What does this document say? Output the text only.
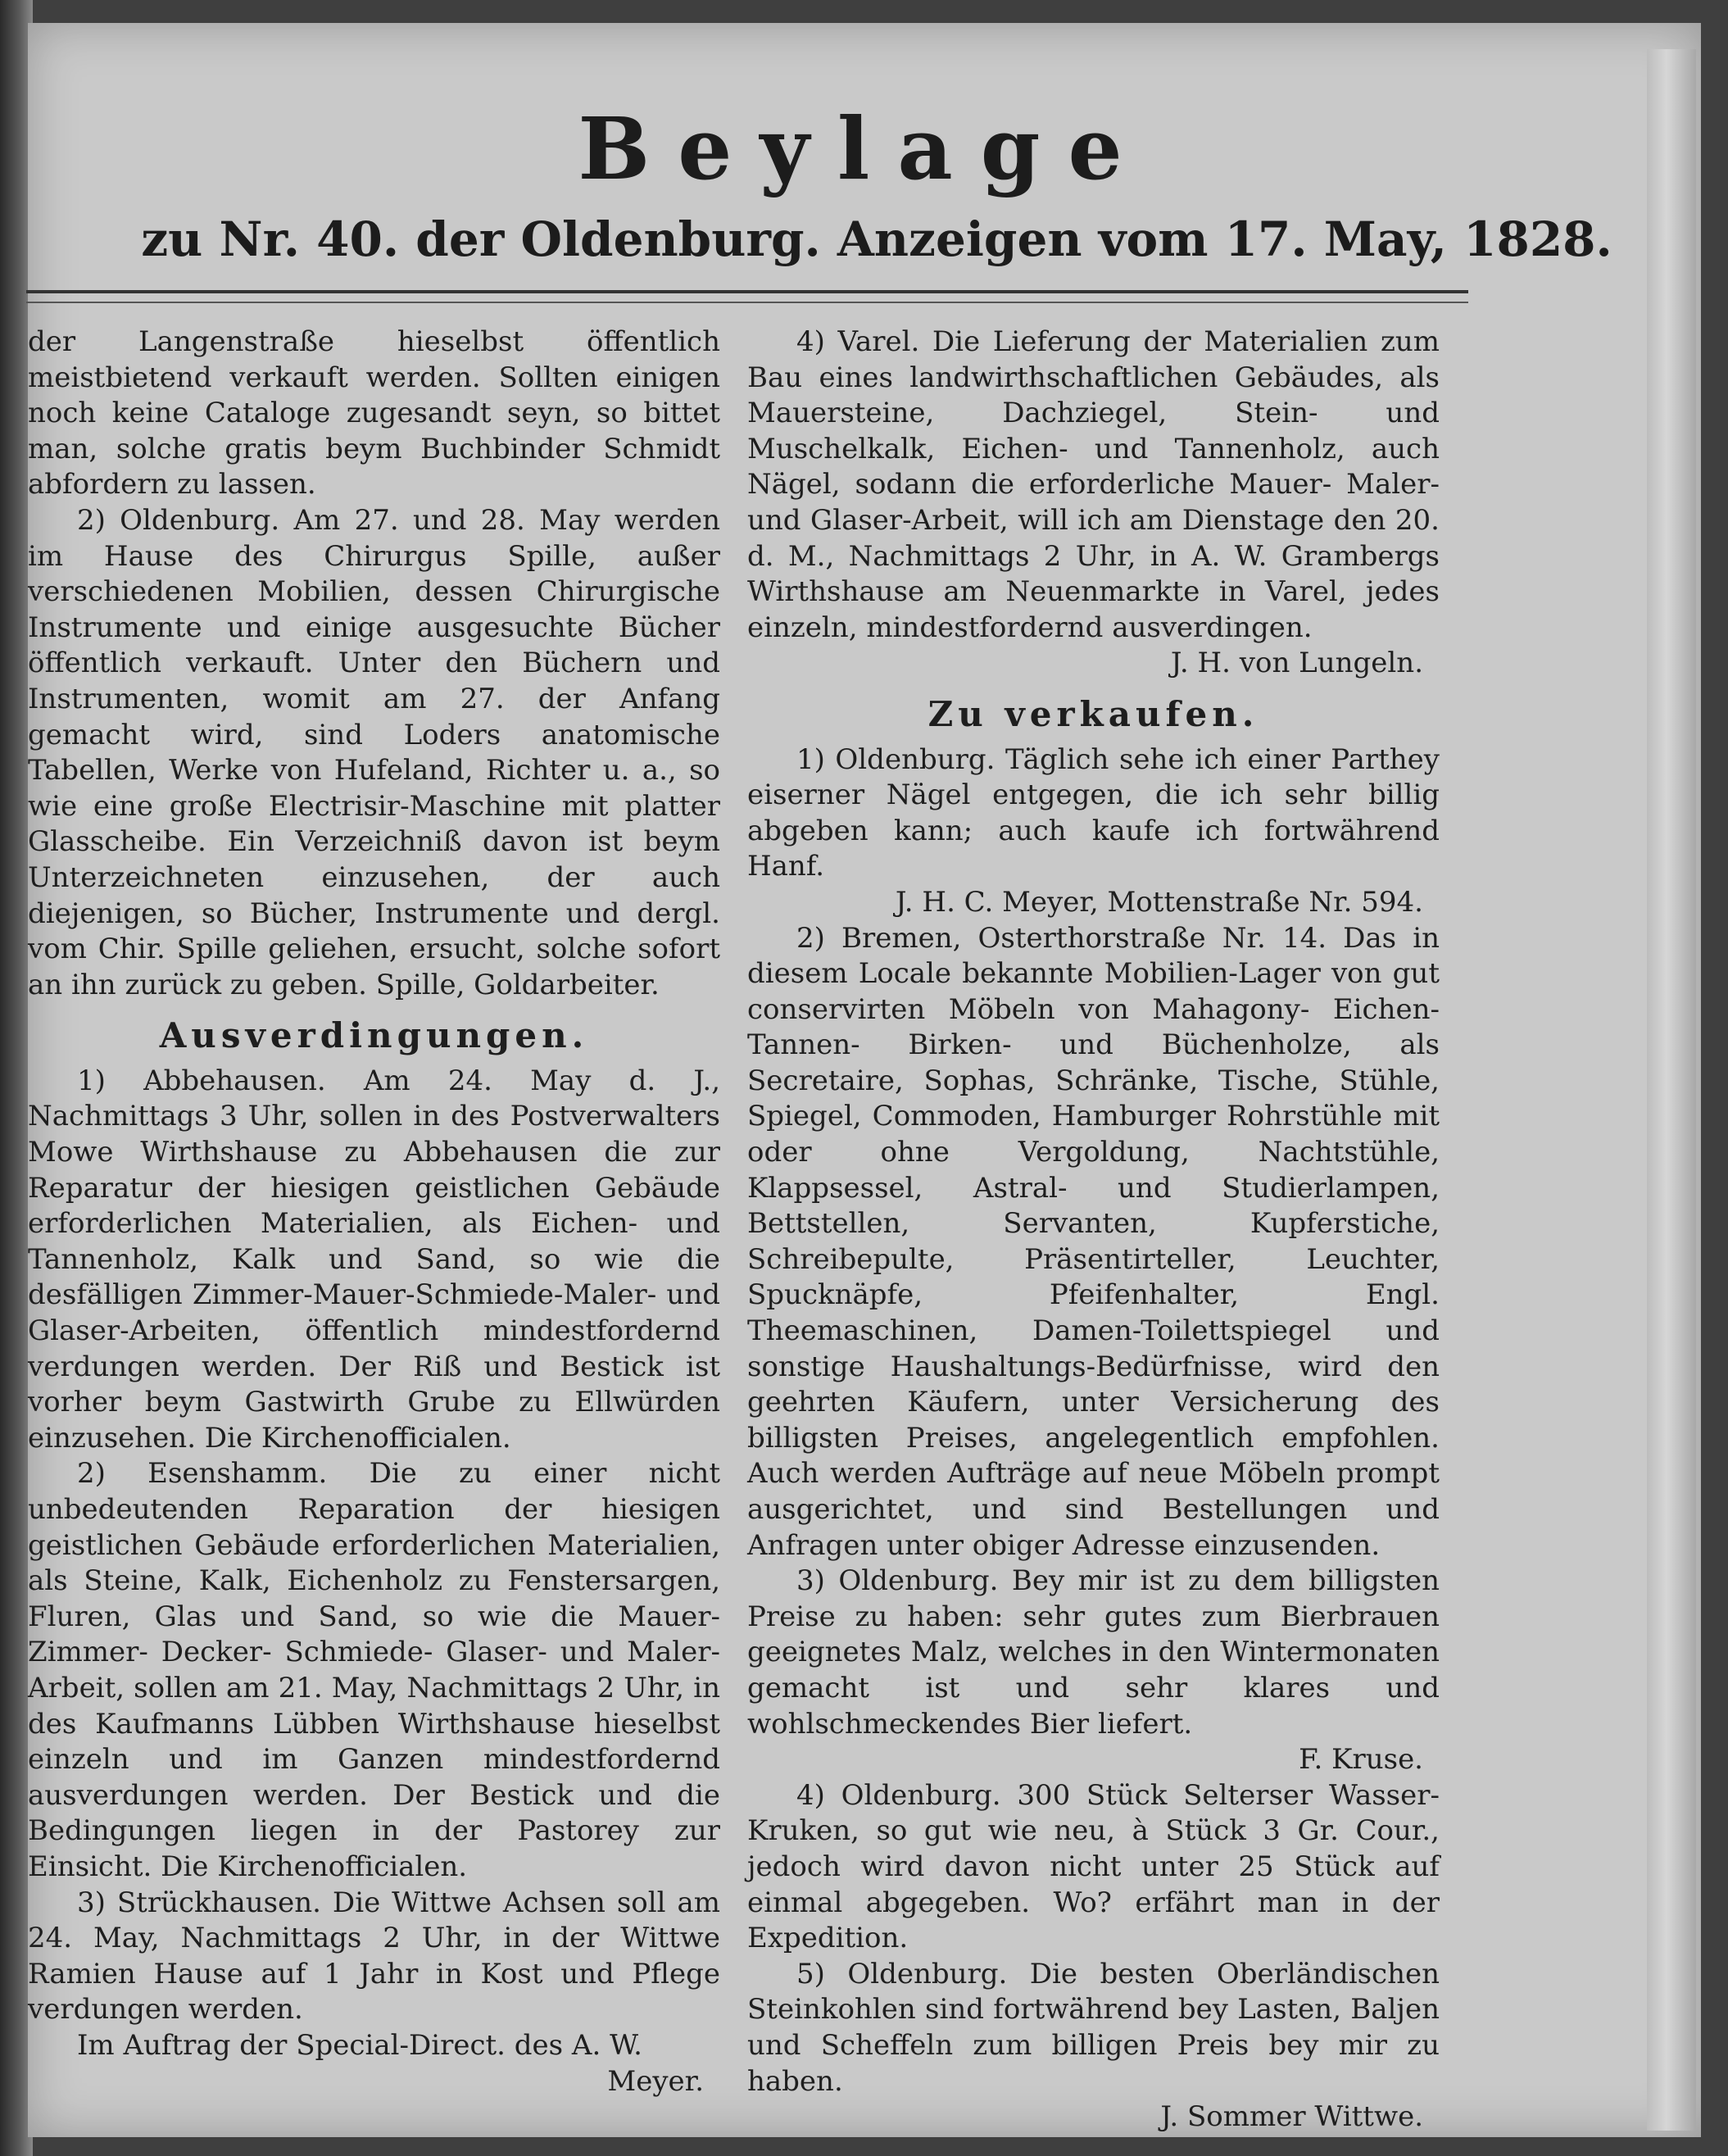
Beylage
zu Nr. 40. der Oldenburg. Anzeigen vom 17. May, 1828.
der Langenstraße hieselbst öffentlich meistbietend verkauft werden. Sollten einigen noch keine Cataloge zugesandt seyn, so bittet man, solche gratis beym Buchbinder Schmidt abfordern zu lassen.
2) Oldenburg. Am 27. und 28. May werden im Hause des Chirurgus Spille, außer verschiedenen Mobilien, dessen Chirurgische Instrumente und einige ausgesuchte Bücher öffentlich verkauft. Unter den Büchern und Instrumenten, womit am 27. der Anfang gemacht wird, sind Loders anatomische Tabellen, Werke von Hufeland, Richter u. a., so wie eine große Electrisir-Maschine mit platter Glasscheibe. Ein Verzeichniß davon ist beym Unterzeichneten einzusehen, der auch diejenigen, so Bücher, Instrumente und dergl. vom Chir. Spille geliehen, ersucht, solche sofort an ihn zurück zu geben. Spille, Goldarbeiter.
Ausverdingungen.
1) Abbehausen. Am 24. May d. J., Nachmittags 3 Uhr, sollen in des Postverwalters Mowe Wirthshause zu Abbehausen die zur Reparatur der hiesigen geistlichen Gebäude erforderlichen Materialien, als Eichen- und Tannenholz, Kalk und Sand, so wie die desfälligen Zimmer-Mauer-Schmiede-Maler- und Glaser-Arbeiten, öffentlich mindestfordernd verdungen werden. Der Riß und Bestick ist vorher beym Gastwirth Grube zu Ellwürden einzusehen. Die Kirchenofficialen.
2) Esenshamm. Die zu einer nicht unbedeutenden Reparation der hiesigen geistlichen Gebäude erforderlichen Materialien, als Steine, Kalk, Eichenholz zu Fenstersargen, Fluren, Glas und Sand, so wie die Mauer- Zimmer- Decker- Schmiede- Glaser- und Maler-Arbeit, sollen am 21. May, Nachmittags 2 Uhr, in des Kaufmanns Lübben Wirthshause hieselbst einzeln und im Ganzen mindestfordernd ausverdungen werden. Der Bestick und die Bedingungen liegen in der Pastorey zur Einsicht. Die Kirchenofficialen.
3) Strückhausen. Die Wittwe Achsen soll am 24. May, Nachmittags 2 Uhr, in der Wittwe Ramien Hause auf 1 Jahr in Kost und Pflege verdungen werden.
Im Auftrag der Special-Direct. des A. W.
Meyer.
4) Varel. Die Lieferung der Materialien zum Bau eines landwirthschaftlichen Gebäudes, als Mauersteine, Dachziegel, Stein- und Muschelkalk, Eichen- und Tannenholz, auch Nägel, sodann die erforderliche Mauer- Maler- und Glaser-Arbeit, will ich am Dienstage den 20. d. M., Nachmittags 2 Uhr, in A. W. Grambergs Wirthshause am Neuenmarkte in Varel, jedes einzeln, mindestfordernd ausverdingen.
J. H. von Lungeln.
Zu verkaufen.
1) Oldenburg. Täglich sehe ich einer Parthey eiserner Nägel entgegen, die ich sehr billig abgeben kann; auch kaufe ich fortwährend Hanf.
J. H. C. Meyer, Mottenstraße Nr. 594.
2) Bremen, Osterthorstraße Nr. 14. Das in diesem Locale bekannte Mobilien-Lager von gut conservirten Möbeln von Mahagony- Eichen- Tannen- Birken- und Büchenholze, als Secretaire, Sophas, Schränke, Tische, Stühle, Spiegel, Commoden, Hamburger Rohrstühle mit oder ohne Vergoldung, Nachtstühle, Klappsessel, Astral- und Studierlampen, Bettstellen, Servanten, Kupferstiche, Schreibepulte, Präsentirteller, Leuchter, Spucknäpfe, Pfeifenhalter, Engl. Theemaschinen, Damen-Toilettspiegel und sonstige Haushaltungs-Bedürfnisse, wird den geehrten Käufern, unter Versicherung des billigsten Preises, angelegentlich empfohlen. Auch werden Aufträge auf neue Möbeln prompt ausgerichtet, und sind Bestellungen und Anfragen unter obiger Adresse einzusenden.
3) Oldenburg. Bey mir ist zu dem billigsten Preise zu haben: sehr gutes zum Bierbrauen geeignetes Malz, welches in den Wintermonaten gemacht ist und sehr klares und wohlschmeckendes Bier liefert.
F. Kruse.
4) Oldenburg. 300 Stück Selterser Wasser-Kruken, so gut wie neu, à Stück 3 Gr. Cour., jedoch wird davon nicht unter 25 Stück auf einmal abgegeben. Wo? erfährt man in der Expedition.
5) Oldenburg. Die besten Oberländischen Steinkohlen sind fortwährend bey Lasten, Baljen und Scheffeln zum billigen Preis bey mir zu haben.
J. Sommer Wittwe.
